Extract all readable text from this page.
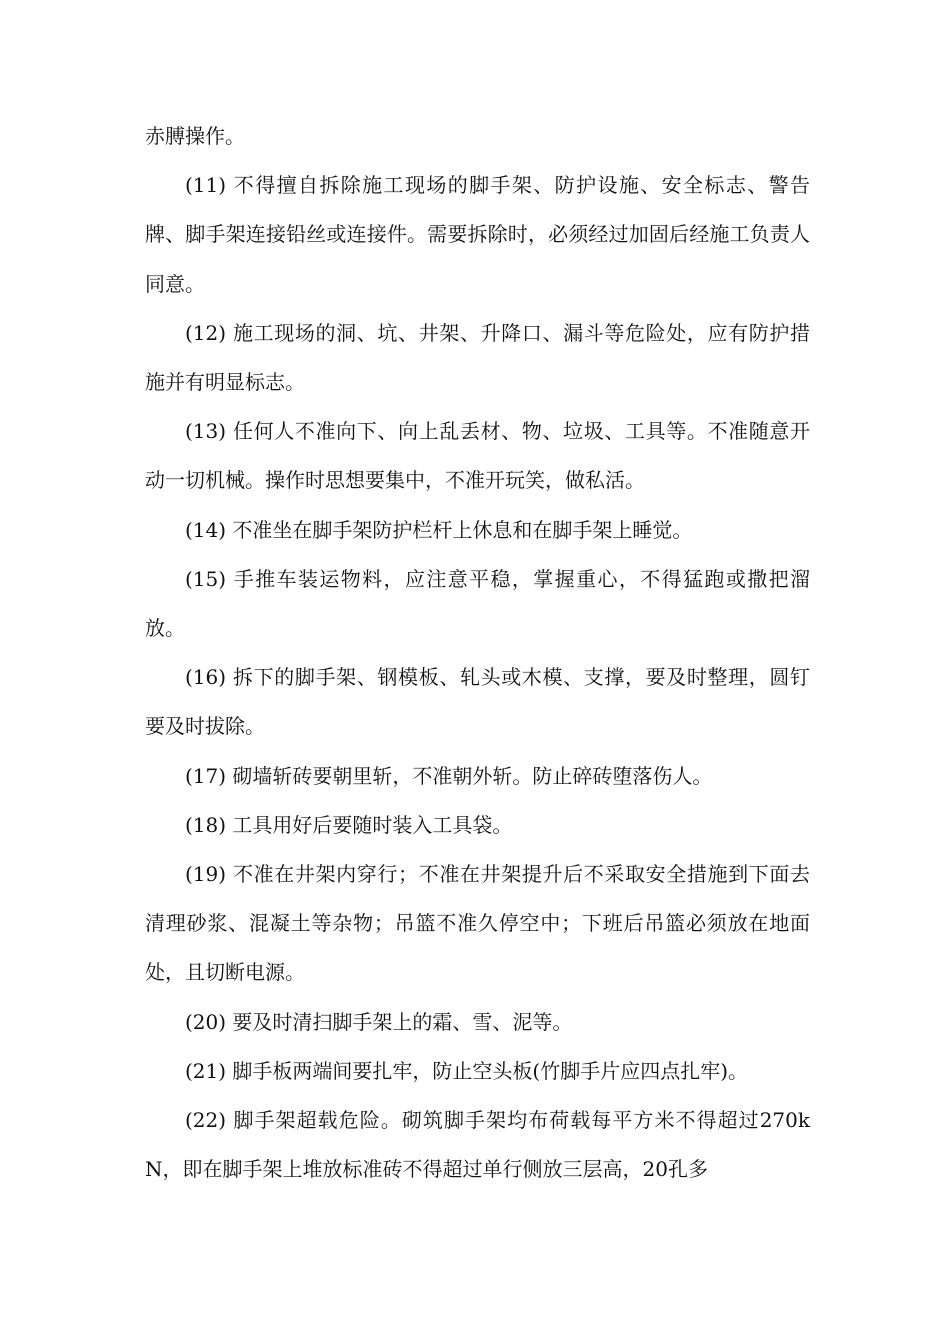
赤膊操作。

(11) 不得擅自拆除施工现场的脚手架、防护设施、安全标志、警告牌、脚手架连接铅丝或连接件。需要拆除时，必须经过加固后经施工负责人同意。

(12) 施工现场的洞、坑、井架、升降口、漏斗等危险处，应有防护措施并有明显标志。

(13) 任何人不准向下、向上乱丢材、物、垃圾、工具等。不准随意开动一切机械。操作时思想要集中，不准开玩笑，做私活。

(14) 不准坐在脚手架防护栏杆上休息和在脚手架上睡觉。

(15) 手推车装运物料，应注意平稳，掌握重心，不得猛跑或撒把溜放。

(16) 拆下的脚手架、钢模板、轧头或木模、支撑，要及时整理，圆钉要及时拔除。

(17) 砌墙斩砖要朝里斩，不准朝外斩。防止碎砖堕落伤人。

(18) 工具用好后要随时装入工具袋。

(19) 不准在井架内穿行；不准在井架提升后不采取安全措施到下面去清理砂浆、混凝土等杂物；吊篮不准久停空中；下班后吊篮必须放在地面处，且切断电源。

(20) 要及时清扫脚手架上的霜、雪、泥等。

(21) 脚手板两端间要扎牢，防止空头板(竹脚手片应四点扎牢)。

(22) 脚手架超载危险。砌筑脚手架均布荷载每平方米不得超过270kN，即在脚手架上堆放标准砖不得超过单行侧放三层高，20孔多
